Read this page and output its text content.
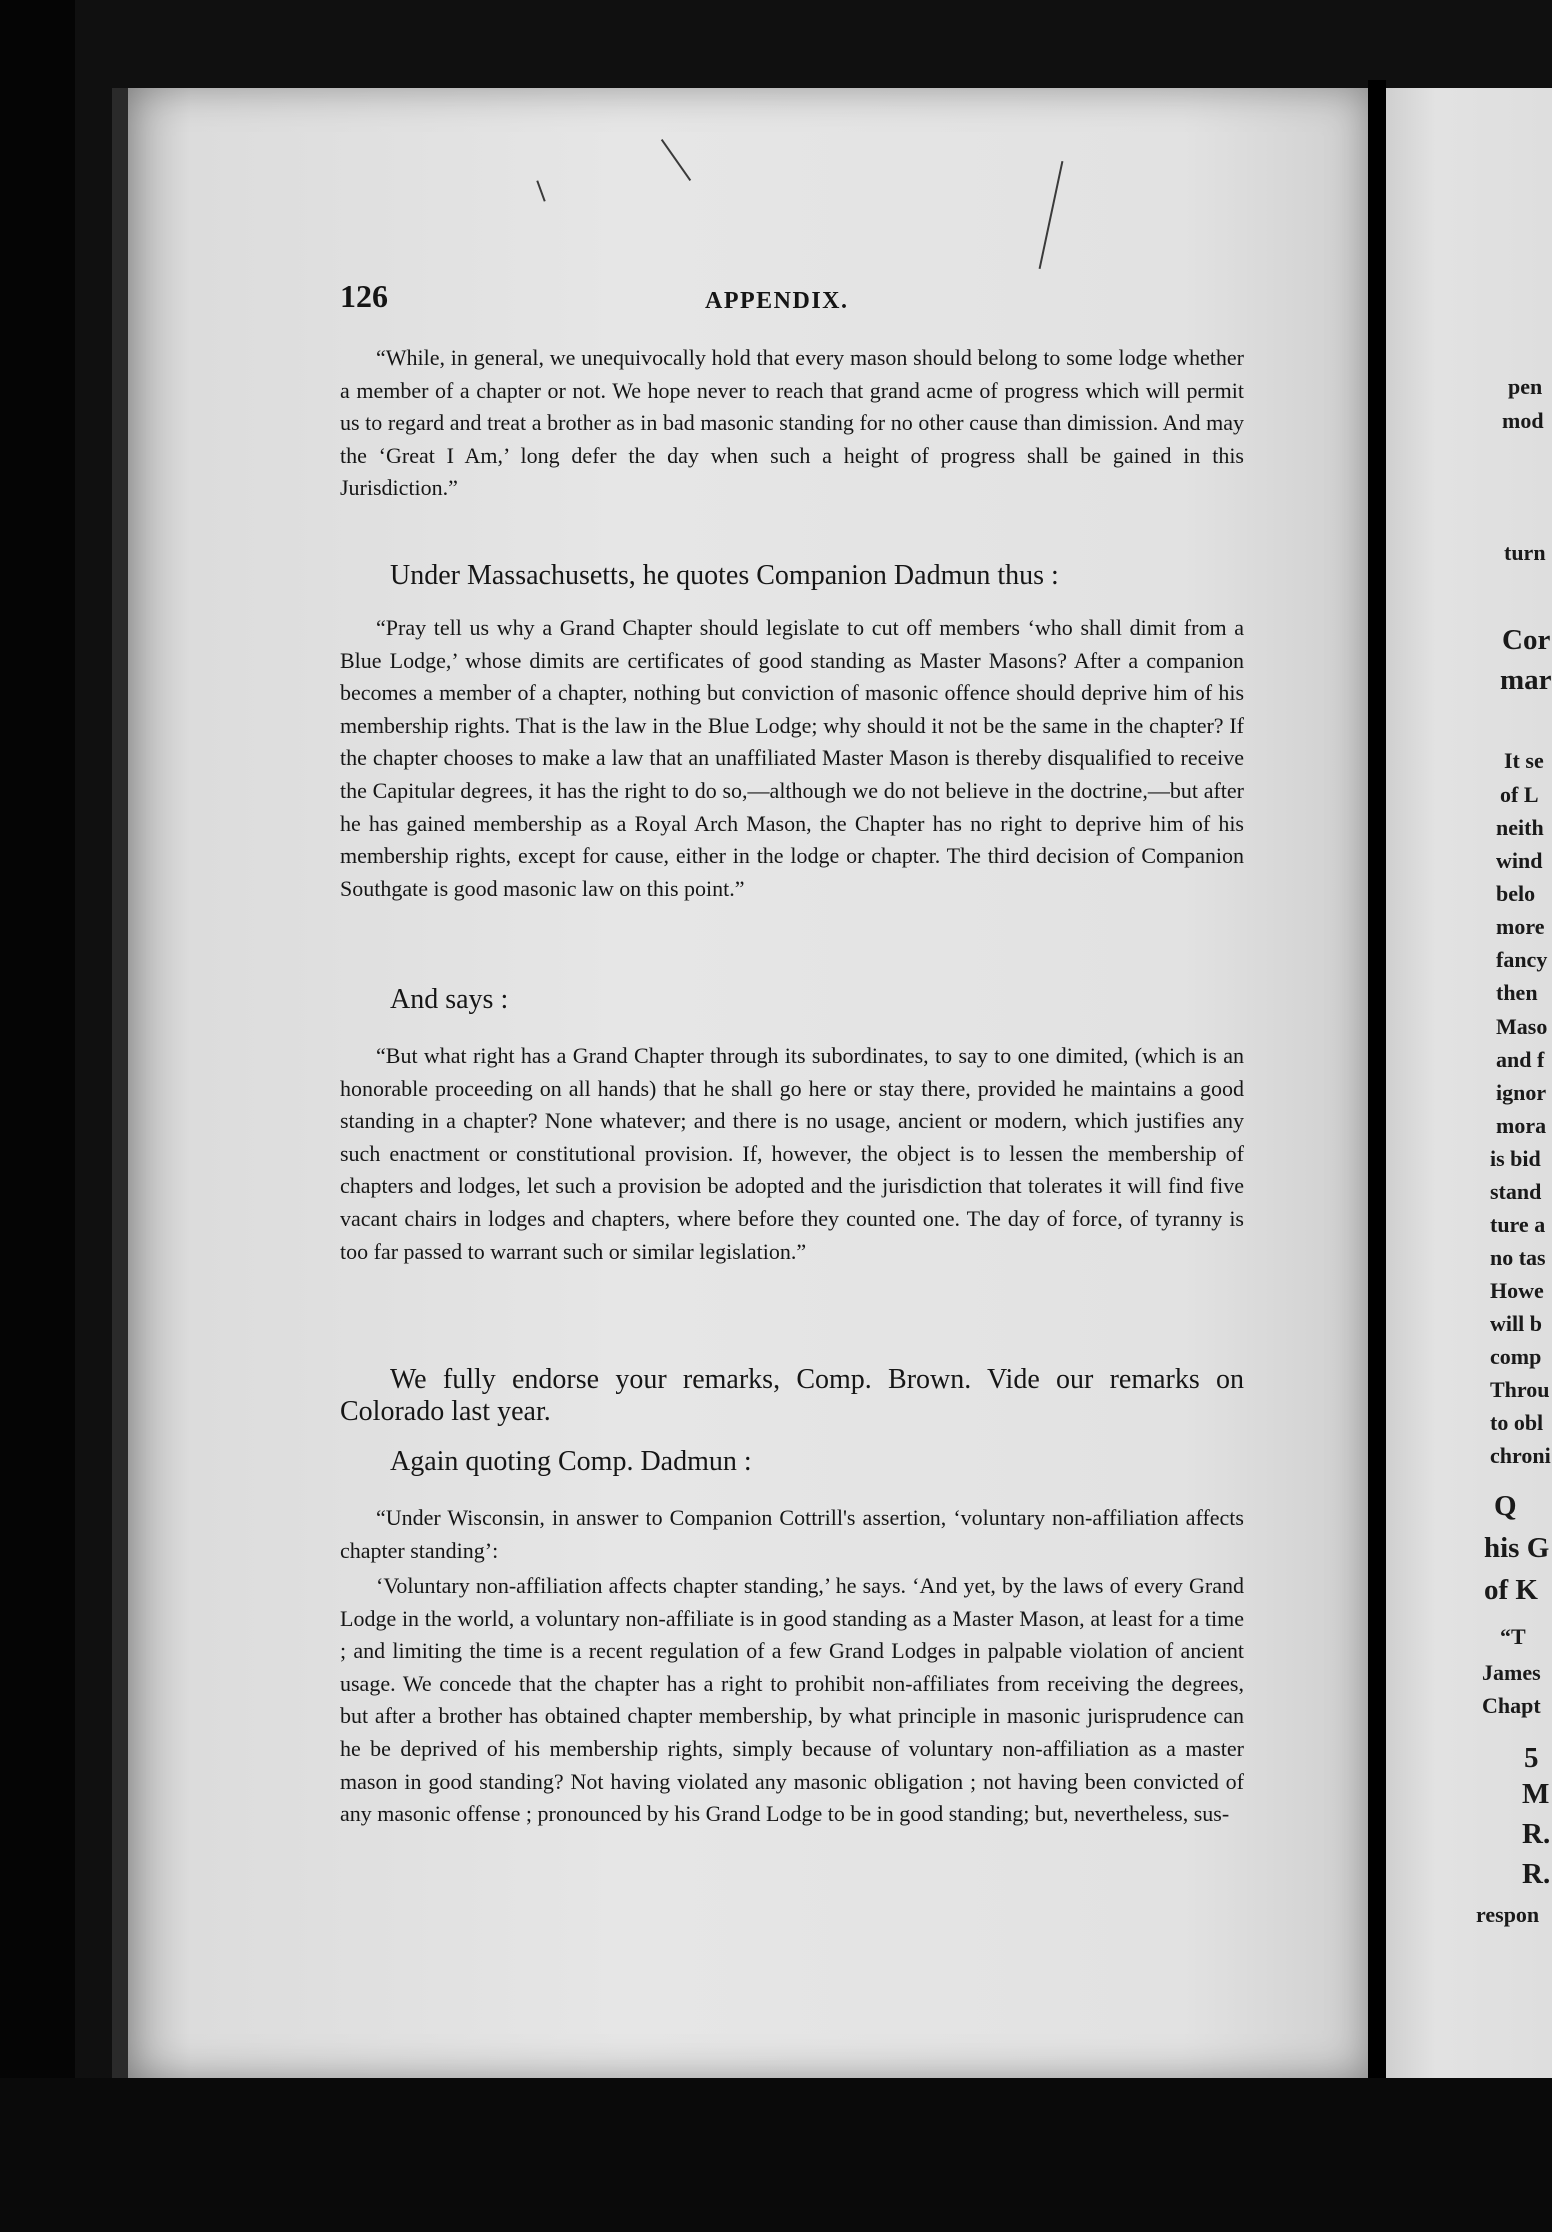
126	APPENDIX.

“While, in general, we unequivocally hold that every mason should belong to some lodge whether a member of a chapter or not. We hope never to reach that grand acme of progress which will permit us to regard and treat a brother as in bad masonic standing for no other cause than dimission. And may the ‘Great I Am,’ long defer the day when such a height of progress shall be gained in this Jurisdiction.”

Under Massachusetts, he quotes Companion Dadmun thus :

“Pray tell us why a Grand Chapter should legislate to cut off members ‘who shall dimit from a Blue Lodge,’ whose dimits are certificates of good standing as Master Masons? After a companion becomes a member of a chapter, nothing but conviction of masonic offence should deprive him of his membership rights. That is the law in the Blue Lodge; why should it not be the same in the chapter? If the chapter chooses to make a law that an unaffiliated Master Mason is thereby disqualified to receive the Capitular degrees, it has the right to do so,—although we do not believe in the doctrine,—but after he has gained membership as a Royal Arch Mason, the Chapter has no right to deprive him of his membership rights, except for cause, either in the lodge or chapter. The third decision of Companion Southgate is good masonic law on this point.”

And says :

“But what right has a Grand Chapter through its subordinates, to say to one dimited, (which is an honorable proceeding on all hands) that he shall go here or stay there, provided he maintains a good standing in a chapter? None whatever; and there is no usage, ancient or modern, which justifies any such enactment or constitutional provision. If, however, the object is to lessen the membership of chapters and lodges, let such a provision be adopted and the jurisdiction that tolerates it will find five vacant chairs in lodges and chapters, where before they counted one. The day of force, of tyranny is too far passed to warrant such or similar legislation.”

We fully endorse your remarks, Comp. Brown. Vide our remarks on Colorado last year.

Again quoting Comp. Dadmun :

“Under Wisconsin, in answer to Companion Cottrill's assertion, ‘voluntary non-affiliation affects chapter standing’:

‘Voluntary non-affiliation affects chapter standing,’ he says. ‘And yet, by the laws of every Grand Lodge in the world, a voluntary non-affiliate is in good standing as a Master Mason, at least for a time ; and limiting the time is a recent regulation of a few Grand Lodges in palpable violation of ancient usage. We concede that the chapter has a right to prohibit non-affiliates from receiving the degrees, but after a brother has obtained chapter membership, by what principle in masonic jurisprudence can he be deprived of his membership rights, simply because of voluntary non-affiliation as a master mason in good standing? Not having violated any masonic obligation ; not having been convicted of any masonic offense ; pronounced by his Grand Lodge to be in good standing; but, nevertheless, sus-

pen
mod
turn
Cor
mar
It se
of L
neith
wind
belo
more
fancy
then
Maso
and f
ignor
mora
is bid
stand
ture a
no tas
Howe
will b
comp
Throu
to obl
chroni
Q
his G
of K
“T
James
Chapt
5
M
R.
R.
respon
